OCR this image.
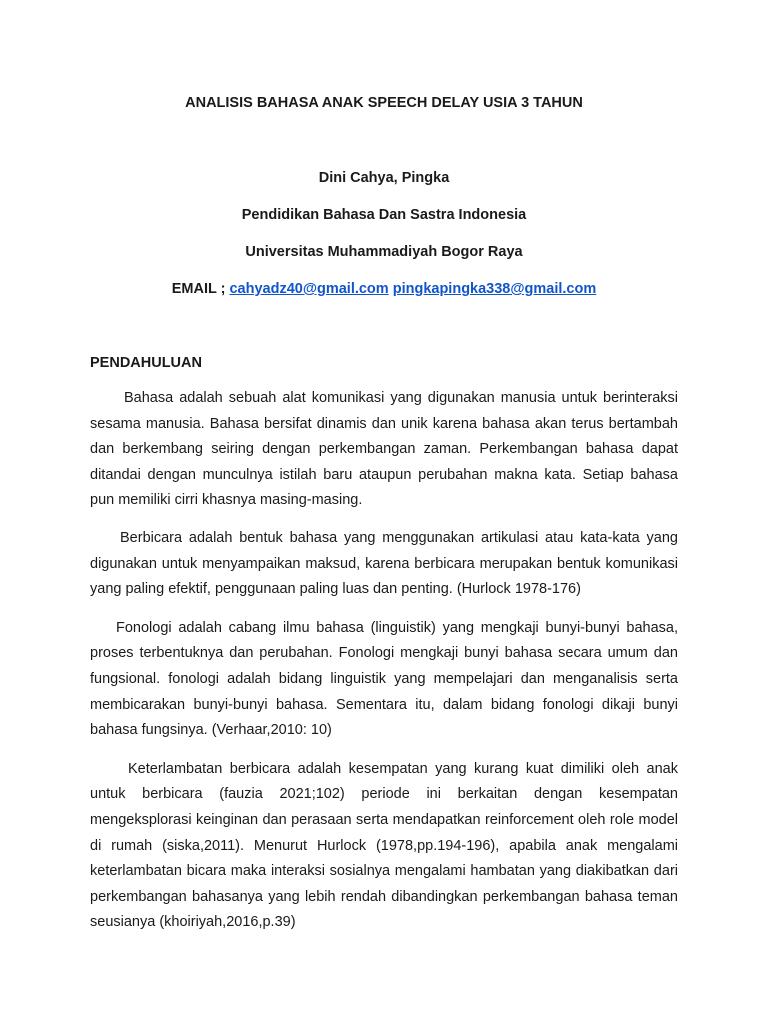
ANALISIS BAHASA ANAK SPEECH DELAY USIA 3 TAHUN

Dini Cahya, Pingka

Pendidikan Bahasa Dan Sastra Indonesia

Universitas Muhammadiyah Bogor Raya

EMAIL ; cahyadz40@gmail.com pingkapingka338@gmail.com

PENDAHULUAN

Bahasa adalah sebuah alat komunikasi yang digunakan manusia untuk berinteraksi sesama manusia. Bahasa bersifat dinamis dan unik karena bahasa akan terus bertambah dan berkembang seiring dengan perkembangan zaman. Perkembangan bahasa dapat ditandai dengan munculnya istilah baru ataupun perubahan makna kata. Setiap bahasa pun memiliki cirri khasnya masing-masing.

Berbicara adalah bentuk bahasa yang menggunakan artikulasi atau kata-kata yang digunakan untuk menyampaikan maksud, karena berbicara merupakan bentuk komunikasi yang paling efektif, penggunaan paling luas dan penting. (Hurlock 1978-176)

Fonologi adalah cabang ilmu bahasa (linguistik) yang mengkaji bunyi-bunyi bahasa, proses terbentuknya dan perubahan. Fonologi mengkaji bunyi bahasa secara umum dan fungsional. fonologi adalah bidang linguistik yang mempelajari dan menganalisis serta membicarakan bunyi-bunyi bahasa. Sementara itu, dalam bidang fonologi dikaji bunyi bahasa fungsinya. (Verhaar,2010: 10)

Keterlambatan berbicara adalah kesempatan yang kurang kuat dimiliki oleh anak untuk berbicara (fauzia 2021;102) periode ini berkaitan dengan kesempatan mengeksplorasi keinginan dan perasaan serta mendapatkan reinforcement oleh role model di rumah (siska,2011). Menurut Hurlock (1978,pp.194-196), apabila anak mengalami keterlambatan bicara maka interaksi sosialnya mengalami hambatan yang diakibatkan dari perkembangan bahasanya yang lebih rendah dibandingkan perkembangan bahasa teman seusianya (khoiriyah,2016,p.39)
